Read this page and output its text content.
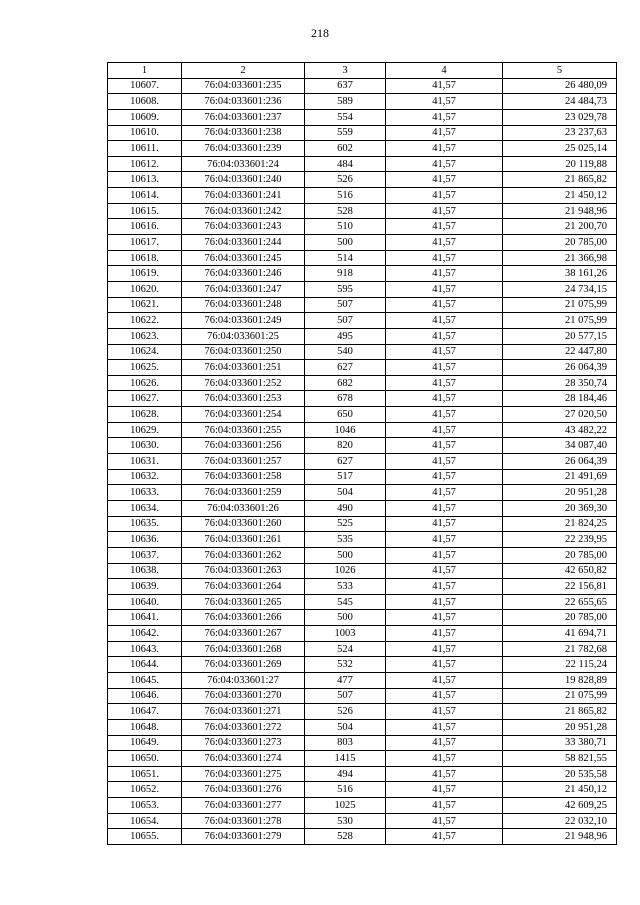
218
1	2	3	4	5
10607.	76:04:033601:235	637	41,57	26 480,09
10608.	76:04:033601:236	589	41,57	24 484,73
10609.	76:04:033601:237	554	41,57	23 029,78
10610.	76:04:033601:238	559	41,57	23 237,63
10611.	76:04:033601:239	602	41,57	25 025,14
10612.	76:04:033601:24	484	41,57	20 119,88
10613.	76:04:033601:240	526	41,57	21 865,82
10614.	76:04:033601:241	516	41,57	21 450,12
10615.	76:04:033601:242	528	41,57	21 948,96
10616.	76:04:033601:243	510	41,57	21 200,70
10617.	76:04:033601:244	500	41,57	20 785,00
10618.	76:04:033601:245	514	41,57	21 366,98
10619.	76:04:033601:246	918	41,57	38 161,26
10620.	76:04:033601:247	595	41,57	24 734,15
10621.	76:04:033601:248	507	41,57	21 075,99
10622.	76:04:033601:249	507	41,57	21 075,99
10623.	76:04:033601:25	495	41,57	20 577,15
10624.	76:04:033601:250	540	41,57	22 447,80
10625.	76:04:033601:251	627	41,57	26 064,39
10626.	76:04:033601:252	682	41,57	28 350,74
10627.	76:04:033601:253	678	41,57	28 184,46
10628.	76:04:033601:254	650	41,57	27 020,50
10629.	76:04:033601:255	1046	41,57	43 482,22
10630.	76:04:033601:256	820	41,57	34 087,40
10631.	76:04:033601:257	627	41,57	26 064,39
10632.	76:04:033601:258	517	41,57	21 491,69
10633.	76:04:033601:259	504	41,57	20 951,28
10634.	76:04:033601:26	490	41,57	20 369,30
10635.	76:04:033601:260	525	41,57	21 824,25
10636.	76:04:033601:261	535	41,57	22 239,95
10637.	76:04:033601:262	500	41,57	20 785,00
10638.	76:04:033601:263	1026	41,57	42 650,82
10639.	76:04:033601:264	533	41,57	22 156,81
10640.	76:04:033601:265	545	41,57	22 655,65
10641.	76:04:033601:266	500	41,57	20 785,00
10642.	76:04:033601:267	1003	41,57	41 694,71
10643.	76:04:033601:268	524	41,57	21 782,68
10644.	76:04:033601:269	532	41,57	22 115,24
10645.	76:04:033601:27	477	41,57	19 828,89
10646.	76:04:033601:270	507	41,57	21 075,99
10647.	76:04:033601:271	526	41,57	21 865,82
10648.	76:04:033601:272	504	41,57	20 951,28
10649.	76:04:033601:273	803	41,57	33 380,71
10650.	76:04:033601:274	1415	41,57	58 821,55
10651.	76:04:033601:275	494	41,57	20 535,58
10652.	76:04:033601:276	516	41,57	21 450,12
10653.	76:04:033601:277	1025	41,57	42 609,25
10654.	76:04:033601:278	530	41,57	22 032,10
10655.	76:04:033601:279	528	41,57	21 948,96
